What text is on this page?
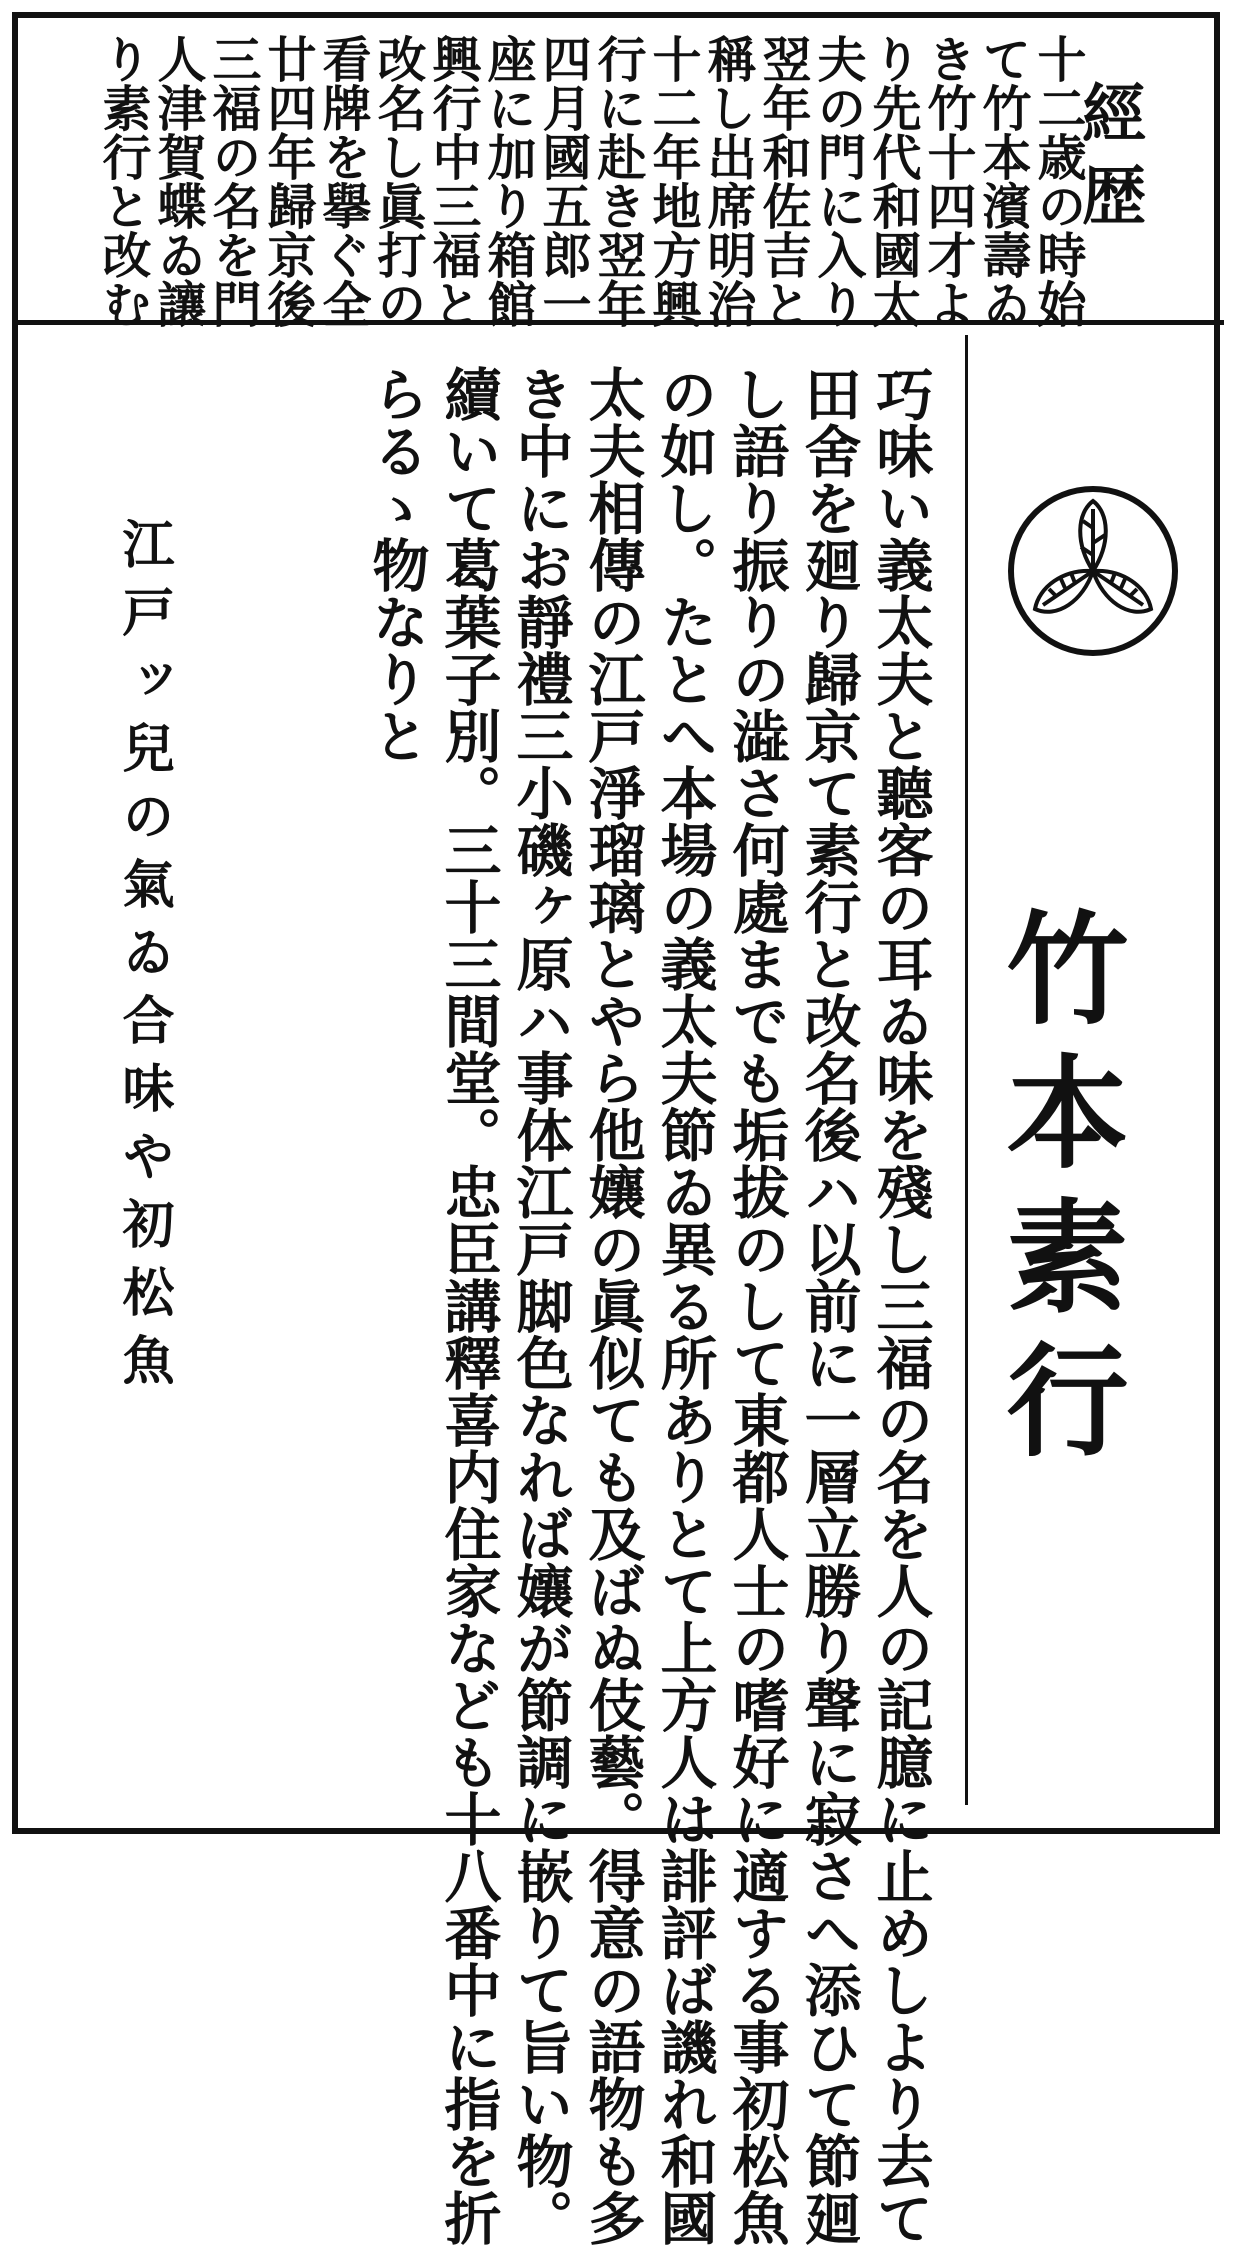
經歴
十二歳の時始
て竹本濱壽ゐ
き竹十四才よ
り先代和國太
夫の門に入り
翌年和佐吉と
稱し出席明治
十二年地方興
行に赴き翌年
四月國五郎一
座に加り箱館
興行中三福と
改名し眞打の
看牌を擧ぐ全
廿四年歸京後
三福の名を門
人津賀蝶ゐ讓
り素行と改む
竹本素行
巧味い義太夫と聽客の耳ゐ味を殘し三福の名を人の記臆に止めしより去て
田舍を廻り歸京て素行と改名後ハ以前に一層立勝り聲に寂さへ添ひて節廻
し語り振りの澁さ何處までも垢拔のして東都人士の嗜好に適する事初松魚
の如し。たとへ本場の義太夫節ゐ異る所ありとて上方人は誹評ば譏れ和國
太夫相傳の江戸淨瑠璃とやら他孃の眞似ても及ばぬ伎藝。得意の語物も多
き中にお靜禮三小磯ヶ原ハ事体江戸脚色なれば孃が節調に嵌りて旨い物。
續いて葛葉子別。三十三間堂。忠臣講釋喜内住家なども十八番中に指を折
らるゝ物なりと
江戸ッ兒の氣ゐ合味や初松魚
